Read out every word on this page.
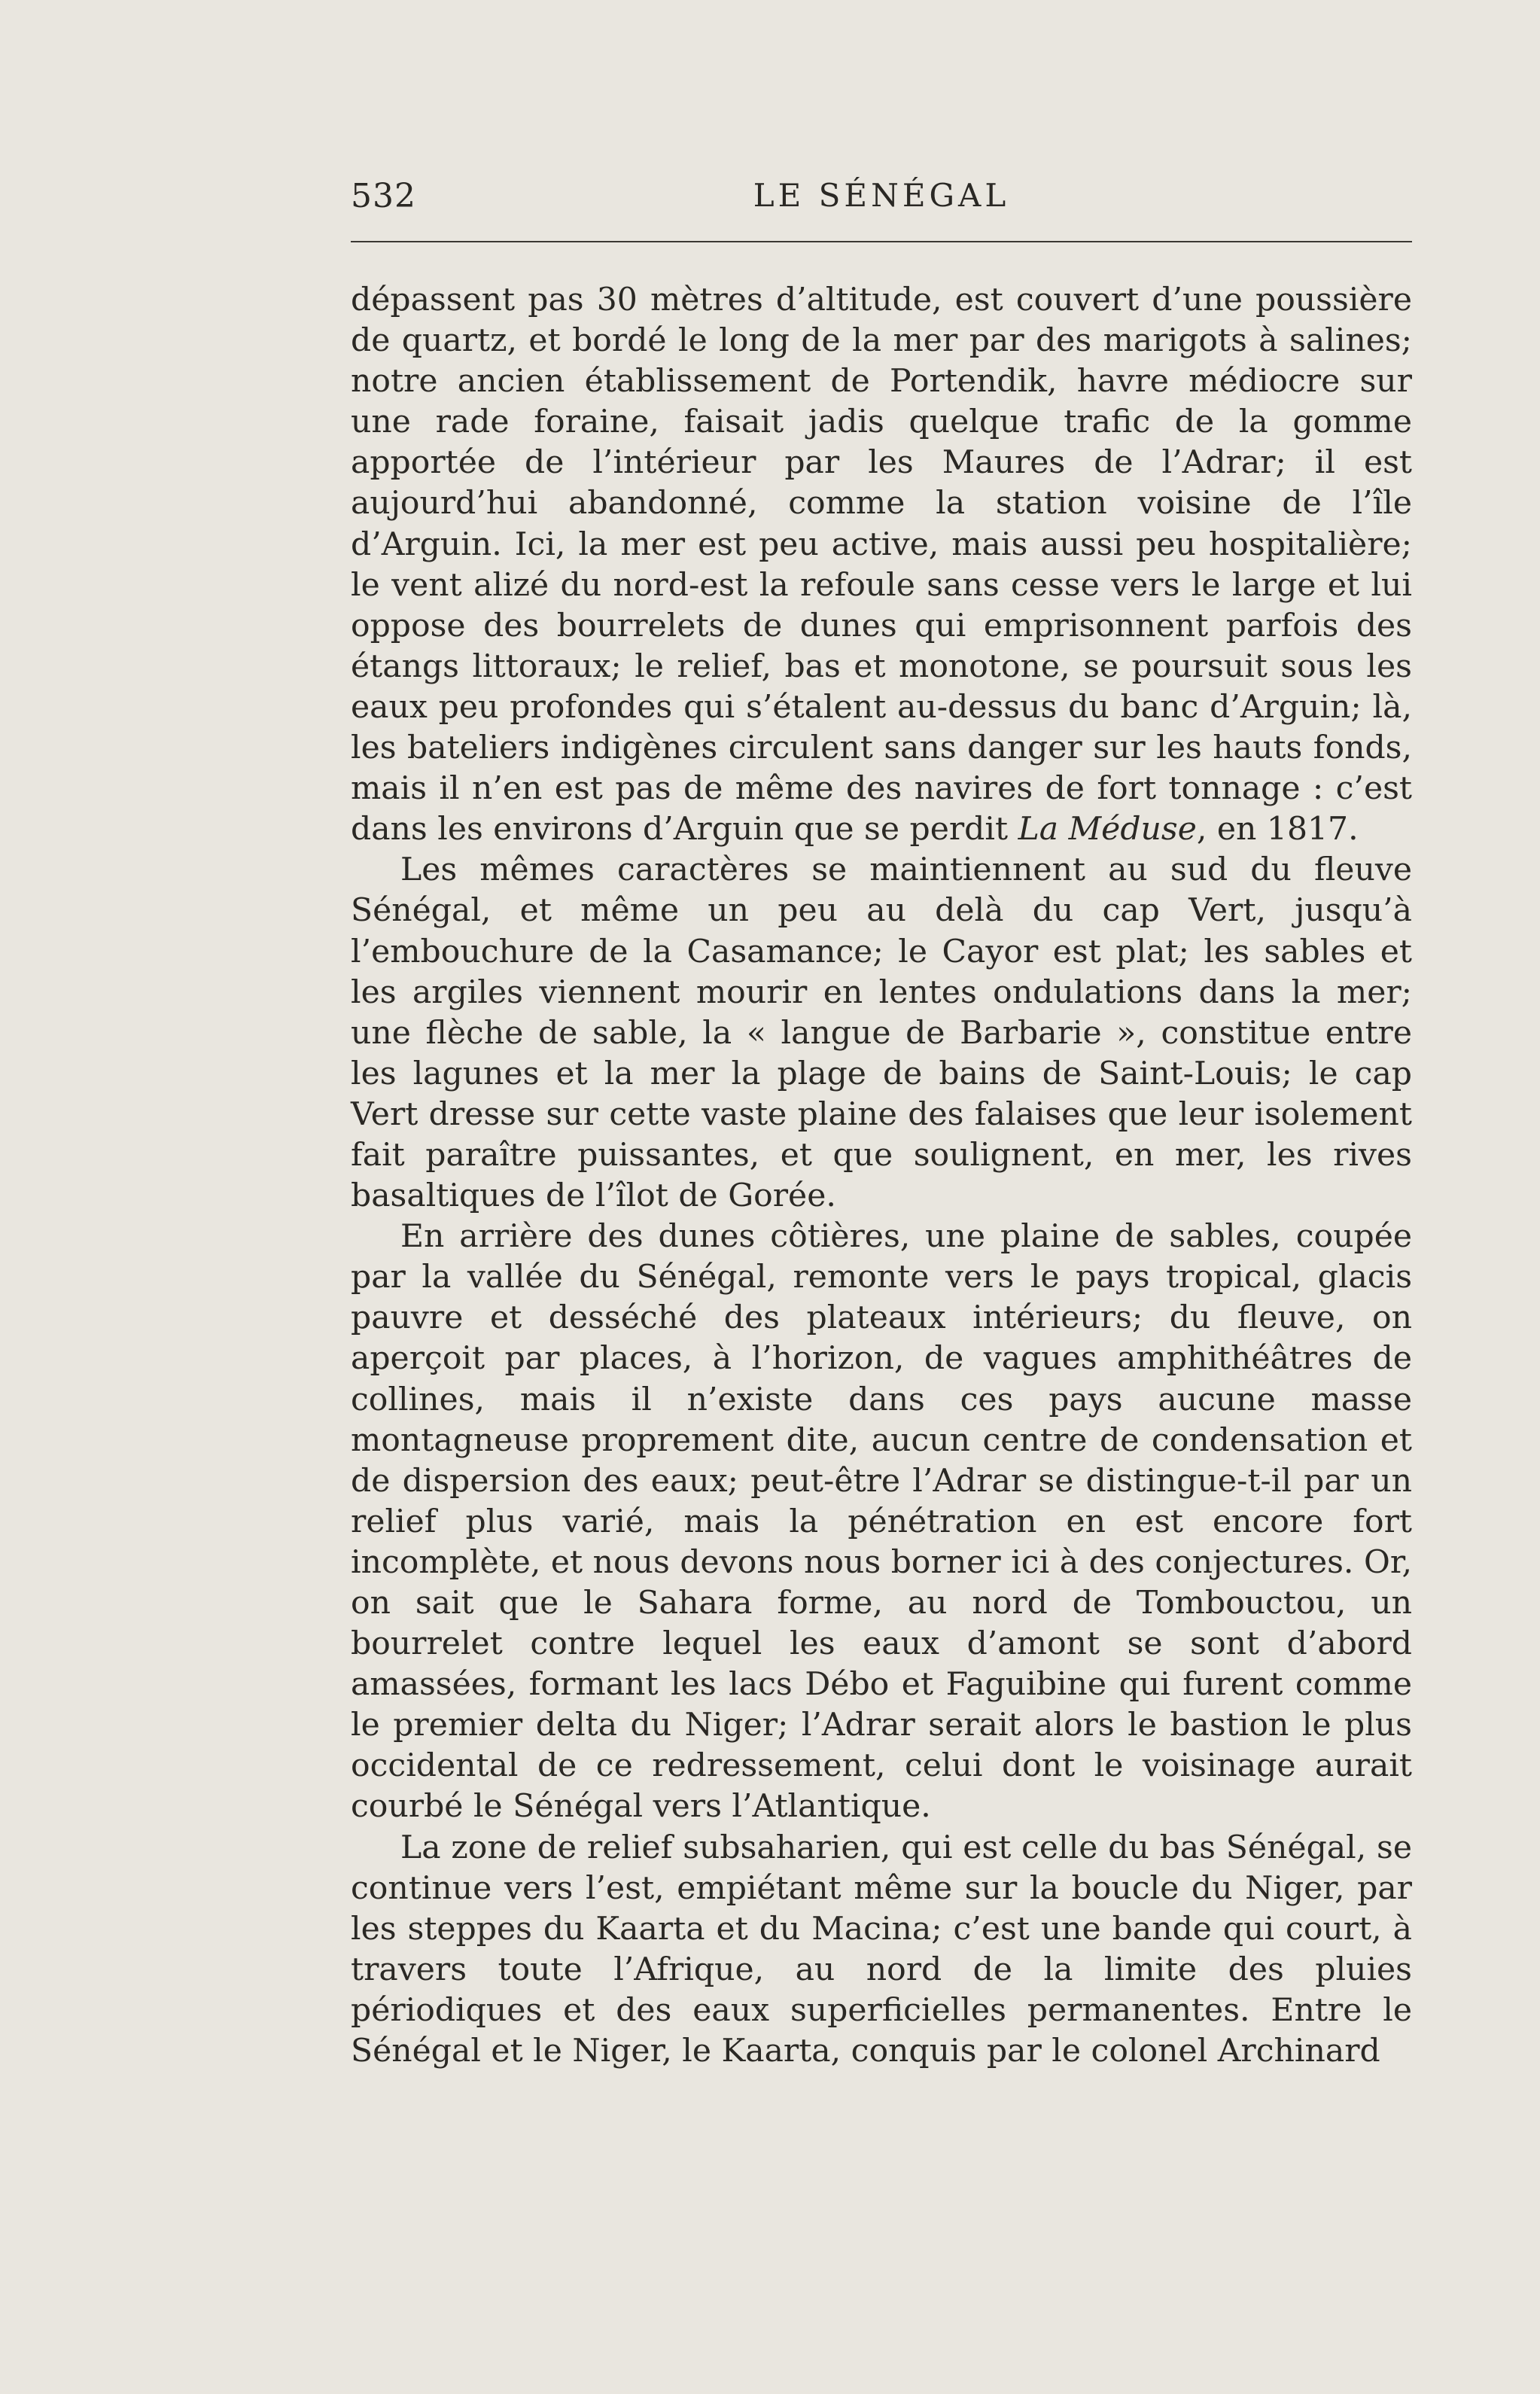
532	LE SÉNÉGAL

dépassent pas 30 mètres d’altitude, est couvert d’une poussière de quartz, et bordé le long de la mer par des marigots à salines; notre ancien établissement de Portendik, havre médiocre sur une rade foraine, faisait jadis quelque trafic de la gomme apportée de l’intérieur par les Maures de l’Adrar; il est aujourd’hui abandonné, comme la station voisine de l’île d’Arguin. Ici, la mer est peu active, mais aussi peu hospitalière; le vent alizé du nord-est la refoule sans cesse vers le large et lui oppose des bourrelets de dunes qui emprisonnent parfois des étangs littoraux; le relief, bas et monotone, se poursuit sous les eaux peu profondes qui s’étalent au-dessus du banc d’Arguin; là, les bateliers indigènes circulent sans danger sur les hauts fonds, mais il n’en est pas de même des navires de fort tonnage : c’est dans les environs d’Arguin que se perdit La Méduse, en 1817.

Les mêmes caractères se maintiennent au sud du fleuve Sénégal, et même un peu au delà du cap Vert, jusqu’à l’embouchure de la Casamance; le Cayor est plat; les sables et les argiles viennent mourir en lentes ondulations dans la mer; une flèche de sable, la « langue de Barbarie », constitue entre les lagunes et la mer la plage de bains de Saint-Louis; le cap Vert dresse sur cette vaste plaine des falaises que leur isolement fait paraître puissantes, et que soulignent, en mer, les rives basaltiques de l’îlot de Gorée.

En arrière des dunes côtières, une plaine de sables, coupée par la vallée du Sénégal, remonte vers le pays tropical, glacis pauvre et desséché des plateaux intérieurs; du fleuve, on aperçoit par places, à l’horizon, de vagues amphithéâtres de collines, mais il n’existe dans ces pays aucune masse montagneuse proprement dite, aucun centre de condensation et de dispersion des eaux; peut-être l’Adrar se distingue-t-il par un relief plus varié, mais la pénétration en est encore fort incomplète, et nous devons nous borner ici à des conjectures. Or, on sait que le Sahara forme, au nord de Tombouctou, un bourrelet contre lequel les eaux d’amont se sont d’abord amassées, formant les lacs Débo et Faguibine qui furent comme le premier delta du Niger; l’Adrar serait alors le bastion le plus occidental de ce redressement, celui dont le voisinage aurait courbé le Sénégal vers l’Atlantique.

La zone de relief subsaharien, qui est celle du bas Sénégal, se continue vers l’est, empiétant même sur la boucle du Niger, par les steppes du Kaarta et du Macina; c’est une bande qui court, à travers toute l’Afrique, au nord de la limite des pluies périodiques et des eaux superficielles permanentes. Entre le Sénégal et le Niger, le Kaarta, conquis par le colonel Archinard
